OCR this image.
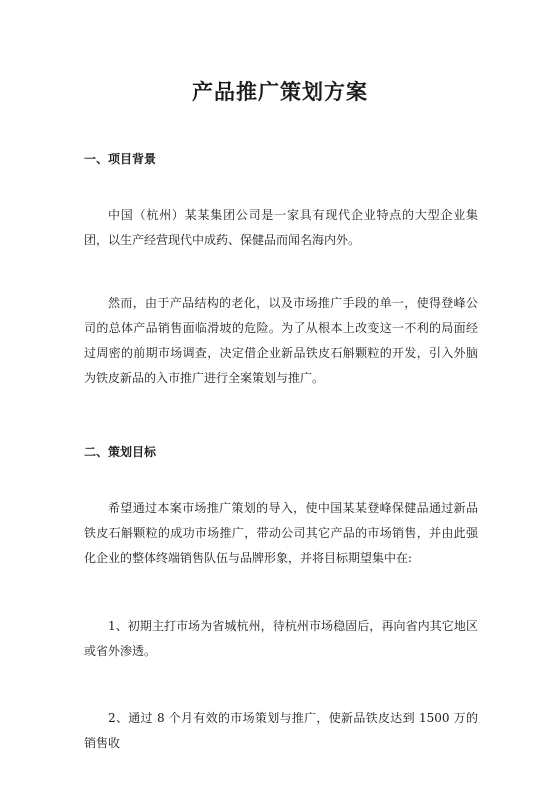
产品推广策划方案
一、项目背景

中国（杭州）某某集团公司是一家具有现代企业特点的大型企业集团，以生产经营现代中成药、保健品而闻名海内外。

然而，由于产品结构的老化，以及市场推广手段的单一，使得登峰公司的总体产品销售面临滑坡的危险。为了从根本上改变这一不利的局面经过周密的前期市场调查，决定借企业新品铁皮石斛颗粒的开发，引入外脑为铁皮新品的入市推广进行全案策划与推广。

二、策划目标

希望通过本案市场推广策划的导入，使中国某某登峰保健品通过新品铁皮石斛颗粒的成功市场推广，带动公司其它产品的市场销售，并由此强化企业的整体终端销售队伍与品牌形象，并将目标期望集中在:

1、初期主打市场为省城杭州，待杭州市场稳固后，再向省内其它地区或省外渗透。

2、通过 8 个月有效的市场策划与推广，使新品铁皮达到 1500 万的销售收
